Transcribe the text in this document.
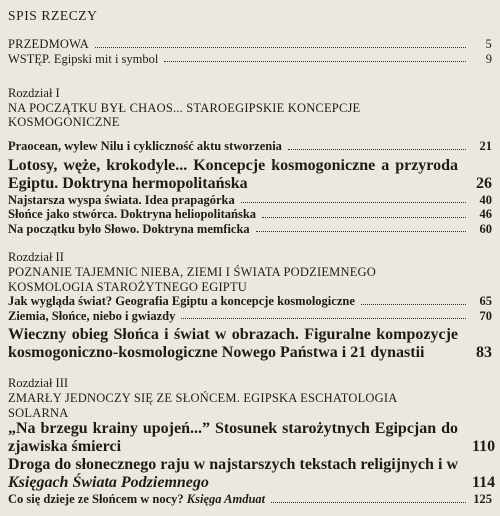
SPIS RZECZY
PRZEDMOWA	5
WSTĘP. Egipski mit i symbol	9
Rozdział I
NA POCZĄTKU BYŁ CHAOS... STAROEGIPSKIE KONCEPCJE
KOSMOGONICZNE
Praocean, wylew Nilu i cykliczność aktu stworzenia	21
Lotosy, węże, krokodyle... Koncepcje kosmogoniczne a przyroda Egiptu. Doktryna hermopolitańska	26
Najstarsza wyspa świata. Idea prapagórka	40
Słońce jako stwórca. Doktryna heliopolitańska	46
Na początku było Słowo. Doktryna memficka	60
Rozdział II
POZNANIE TAJEMNIC NIEBA, ZIEMI I ŚWIATA PODZIEMNEGO
KOSMOLOGIA STAROŻYTNEGO EGIPTU
Jak wygląda świat? Geografia Egiptu a koncepcje kosmologiczne	65
Ziemia, Słońce, niebo i gwiazdy	70
Wieczny obieg Słońca i świat w obrazach. Figuralne kompozycje kosmogoniczno-kosmologiczne Nowego Państwa i 21 dynastii	83
Rozdział III
ZMARŁY JEDNOCZY SIĘ ZE SŁOŃCEM. EGIPSKA ESCHATOLOGIA
SOLARNA
„Na brzegu krainy upojeń...” Stosunek starożytnych Egipcjan do zjawiska śmierci	110
Droga do słonecznego raju w najstarszych tekstach religijnych i w Księgach Świata Podziemnego	114
Co się dzieje ze Słońcem w nocy? Księga Amduat	125
